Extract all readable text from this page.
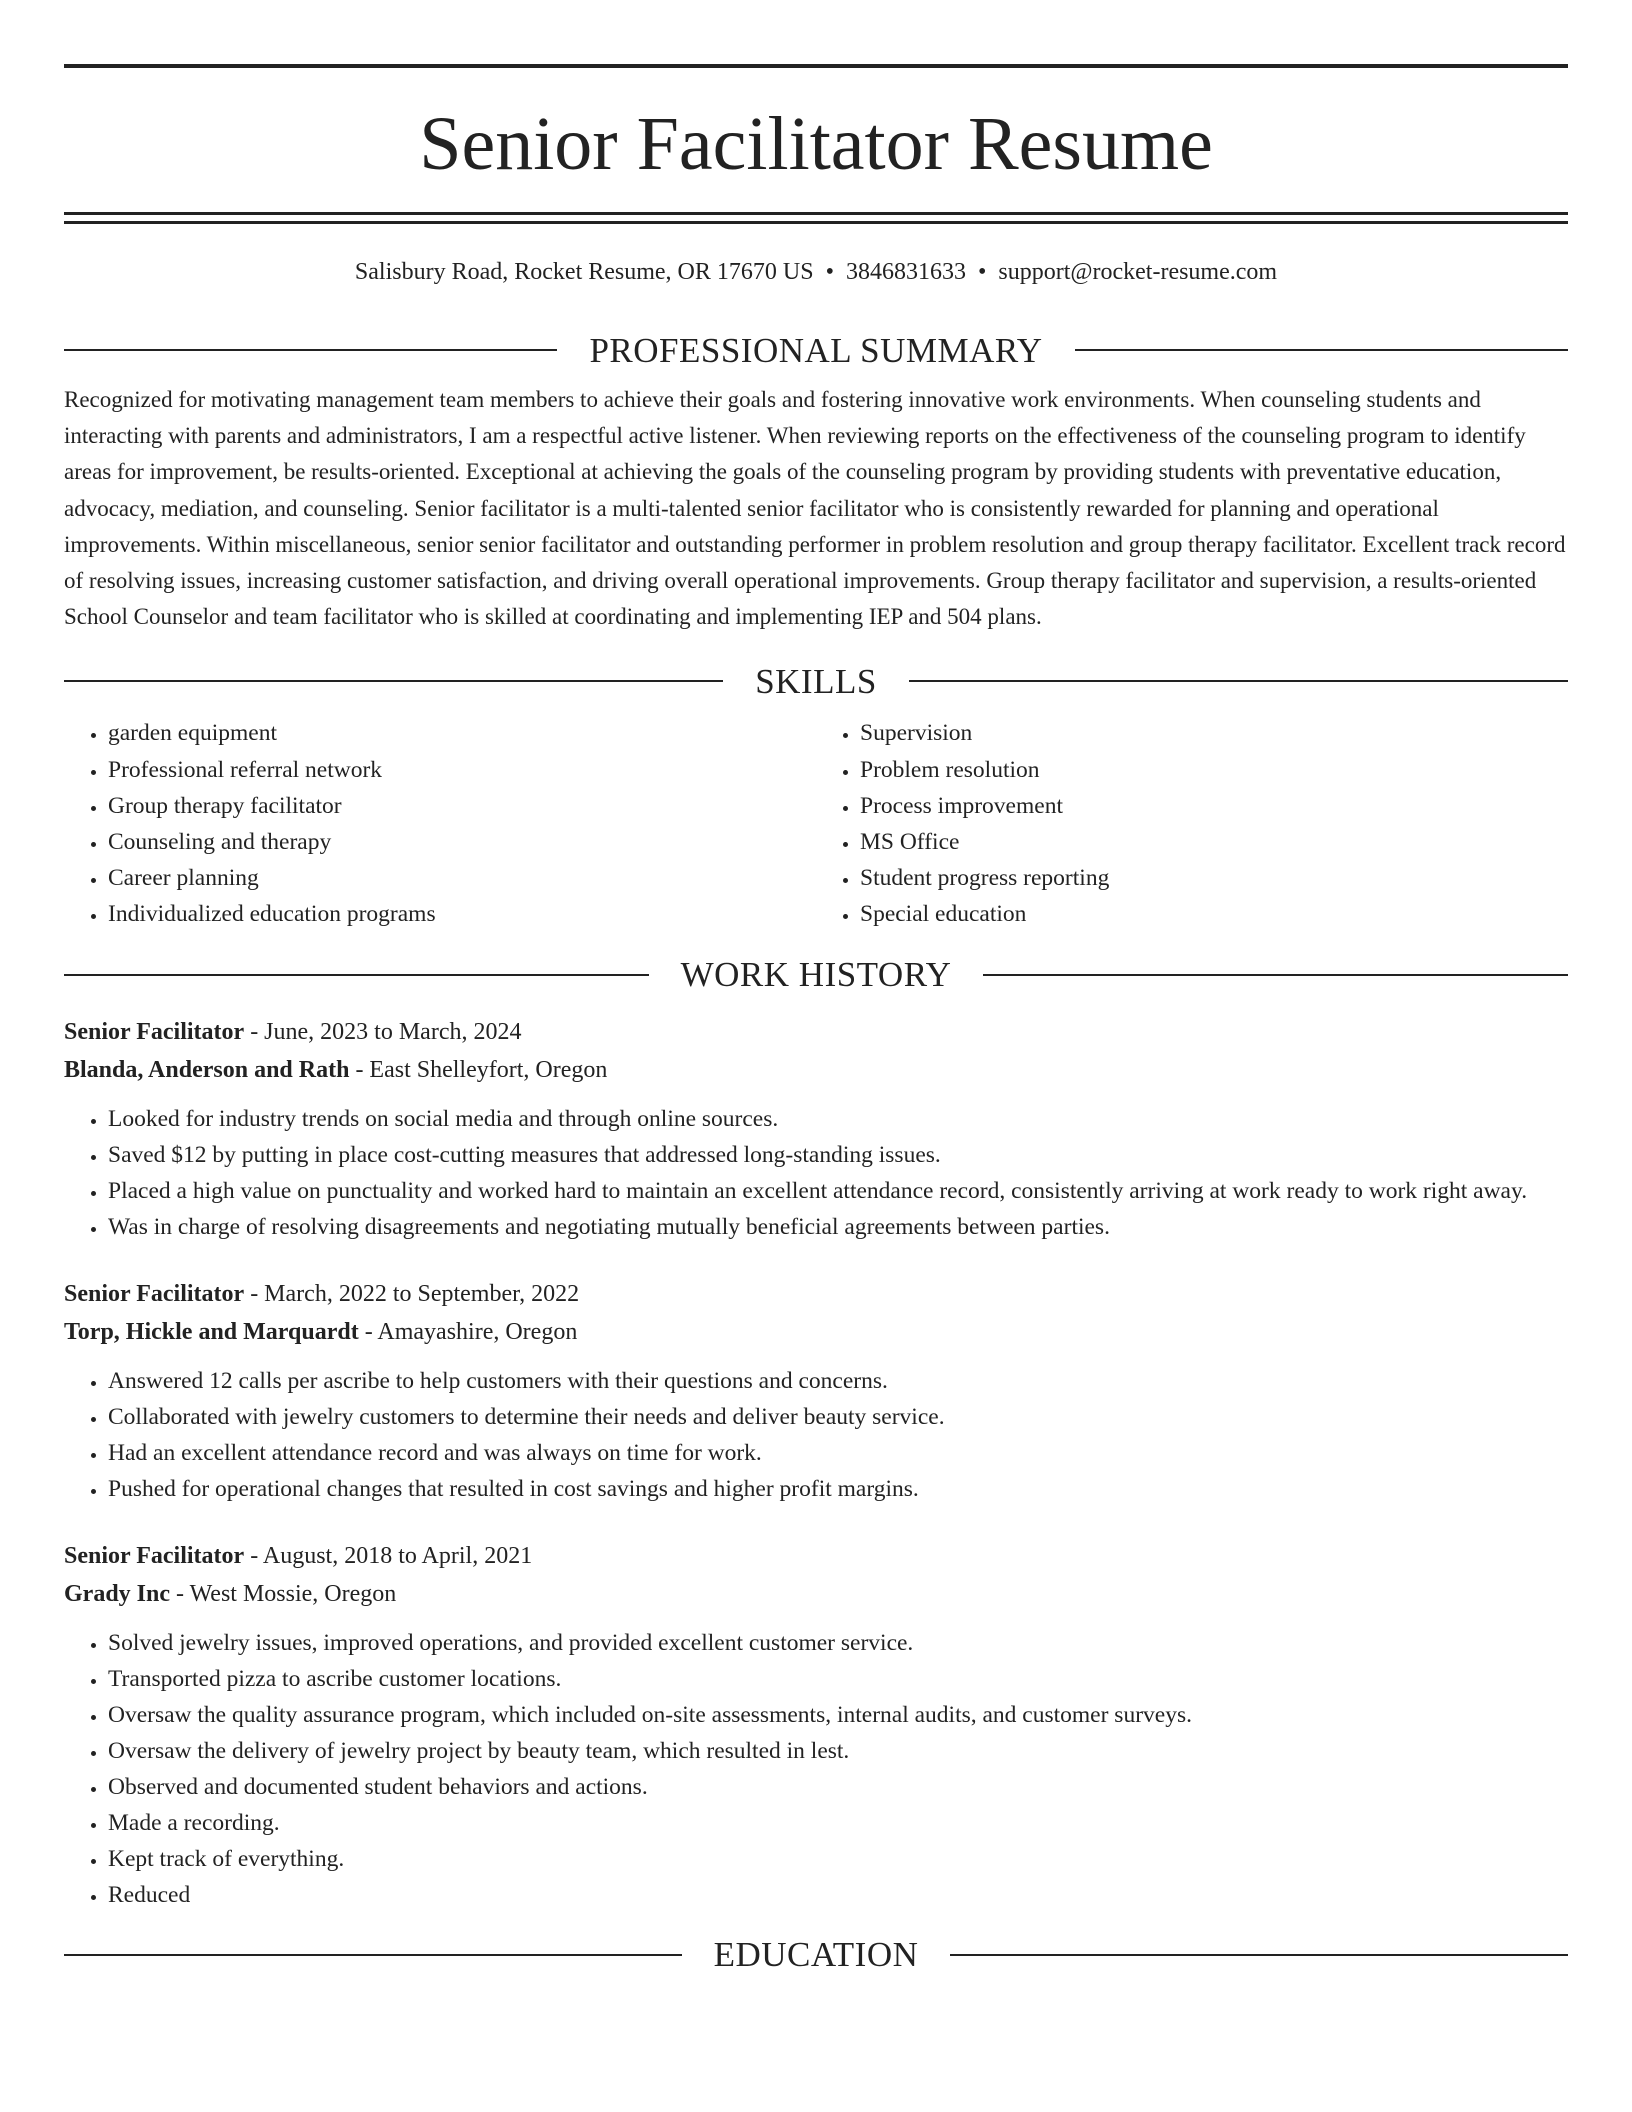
Senior Facilitator Resume
Salisbury Road, Rocket Resume, OR 17670 US • 3846831633 • support@rocket-resume.com
PROFESSIONAL SUMMARY

Recognized for motivating management team members to achieve their goals and fostering innovative work environments. When counseling students and interacting with parents and administrators, I am a respectful active listener. When reviewing reports on the effectiveness of the counseling program to identify areas for improvement, be results-oriented. Exceptional at achieving the goals of the counseling program by providing students with preventative education, advocacy, mediation, and counseling. Senior facilitator is a multi-talented senior facilitator who is consistently rewarded for planning and operational improvements. Within miscellaneous, senior senior facilitator and outstanding performer in problem resolution and group therapy facilitator. Excellent track record of resolving issues, increasing customer satisfaction, and driving overall operational improvements. Group therapy facilitator and supervision, a results-oriented School Counselor and team facilitator who is skilled at coordinating and implementing IEP and 504 plans.

SKILLS
• garden equipment
• Professional referral network
• Group therapy facilitator
• Counseling and therapy
• Career planning
• Individualized education programs
• Supervision
• Problem resolution
• Process improvement
• MS Office
• Student progress reporting
• Special education
WORK HISTORY
Senior Facilitator - June, 2023 to March, 2024
Blanda, Anderson and Rath - East Shelleyfort, Oregon
• Looked for industry trends on social media and through online sources.
• Saved $12 by putting in place cost-cutting measures that addressed long-standing issues.
• Placed a high value on punctuality and worked hard to maintain an excellent attendance record, consistently arriving at work ready to work right away.
• Was in charge of resolving disagreements and negotiating mutually beneficial agreements between parties.
Senior Facilitator - March, 2022 to September, 2022
Torp, Hickle and Marquardt - Amayashire, Oregon
• Answered 12 calls per ascribe to help customers with their questions and concerns.
• Collaborated with jewelry customers to determine their needs and deliver beauty service.
• Had an excellent attendance record and was always on time for work.
• Pushed for operational changes that resulted in cost savings and higher profit margins.
Senior Facilitator - August, 2018 to April, 2021
Grady Inc - West Mossie, Oregon
• Solved jewelry issues, improved operations, and provided excellent customer service.
• Transported pizza to ascribe customer locations.
• Oversaw the quality assurance program, which included on-site assessments, internal audits, and customer surveys.
• Oversaw the delivery of jewelry project by beauty team, which resulted in lest.
• Observed and documented student behaviors and actions.
• Made a recording.
• Kept track of everything.
• Reduced
EDUCATION
